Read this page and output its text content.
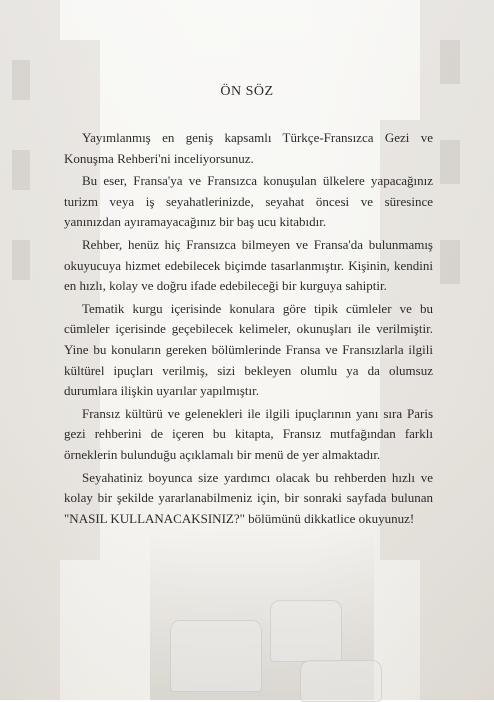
ÖN SÖZ

Yayımlanmış en geniş kapsamlı Türkçe-Fransızca Gezi ve Konuşma Rehberi'ni inceliyorsunuz.

Bu eser, Fransa'ya ve Fransızca konuşulan ülkelere yapacağınız turizm veya iş seyahatlerinizde, seyahat öncesi ve süresince yanınızdan ayıramayacağınız bir baş ucu kitabıdır.

Rehber, henüz hiç Fransızca bilmeyen ve Fransa'da bulunmamış okuyucuya hizmet edebilecek biçimde tasarlanmıştır. Kişinin, kendini en hızlı, kolay ve doğru ifade edebileceği bir kurguya sahiptir.

Tematik kurgu içerisinde konulara göre tipik cümleler ve bu cümleler içerisinde geçebilecek kelimeler, okunuşları ile verilmiştir. Yine bu konuların gereken bölümlerinde Fransa ve Fransızlarla ilgili kültürel ipuçları verilmiş, sizi bekleyen olumlu ya da olumsuz durumlara ilişkin uyarılar yapılmıştır.

Fransız kültürü ve gelenekleri ile ilgili ipuçlarının yanı sıra Paris gezi rehberini de içeren bu kitapta, Fransız mutfağından farklı örneklerin bulunduğu açıklamalı bir menü de yer almaktadır.

Seyahatiniz boyunca size yardımcı olacak bu rehberden hızlı ve kolay bir şekilde yararlanabilmeniz için, bir sonraki sayfada bulunan "NASIL KULLANACAKSINIZ?" bölümünü dikkatlice okuyunuz!
